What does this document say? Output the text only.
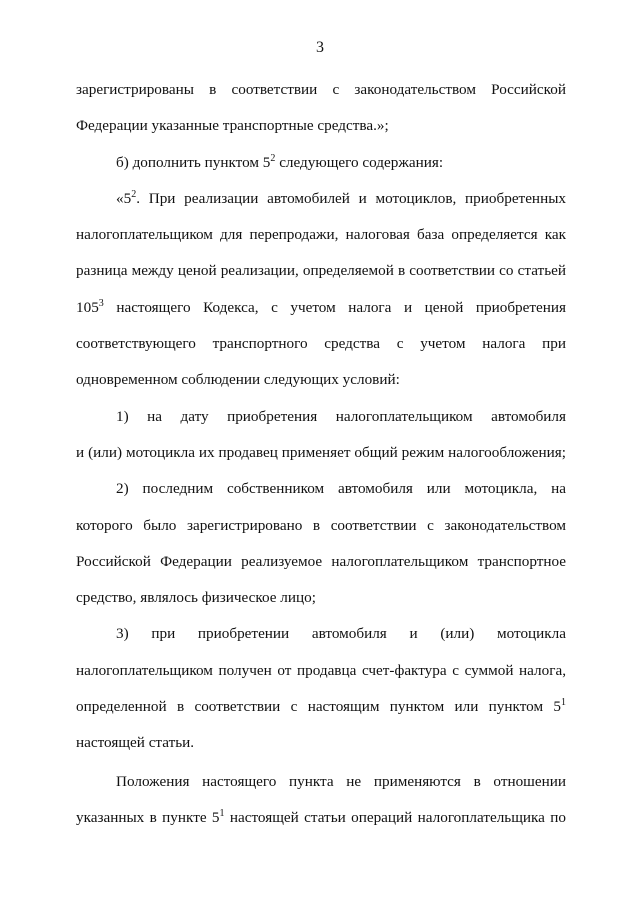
3
зарегистрированы в соответствии с законодательством Российской
Федерации указанные транспортные средства.»;
б) дополнить пунктом $5^2$ следующего содержания:
«$5^2$. При реализации автомобилей и мотоциклов, приобретенных
налогоплательщиком для перепродажи, налоговая база определяется как
разница между ценой реализации, определяемой в соответствии со статьей
$105^3$ настоящего Кодекса, с учетом налога и ценой приобретения
соответствующего транспортного средства с учетом налога при
одновременном соблюдении следующих условий:
1) на дату приобретения налогоплательщиком автомобиля
и (или) мотоцикла их продавец применяет общий режим налогообложения;
2) последним собственником автомобиля или мотоцикла, на
которого было зарегистрировано в соответствии с законодательством
Российской Федерации реализуемое налогоплательщиком транспортное
средство, являлось физическое лицо;
3) при приобретении автомобиля и (или) мотоцикла
налогоплательщиком получен от продавца счет-фактура с суммой налога,
определенной в соответствии с настоящим пунктом или пунктом $5^1$
настоящей статьи.
Положения настоящего пункта не применяются в отношении
указанных в пункте $5^1$ настоящей статьи операций налогоплательщика по
